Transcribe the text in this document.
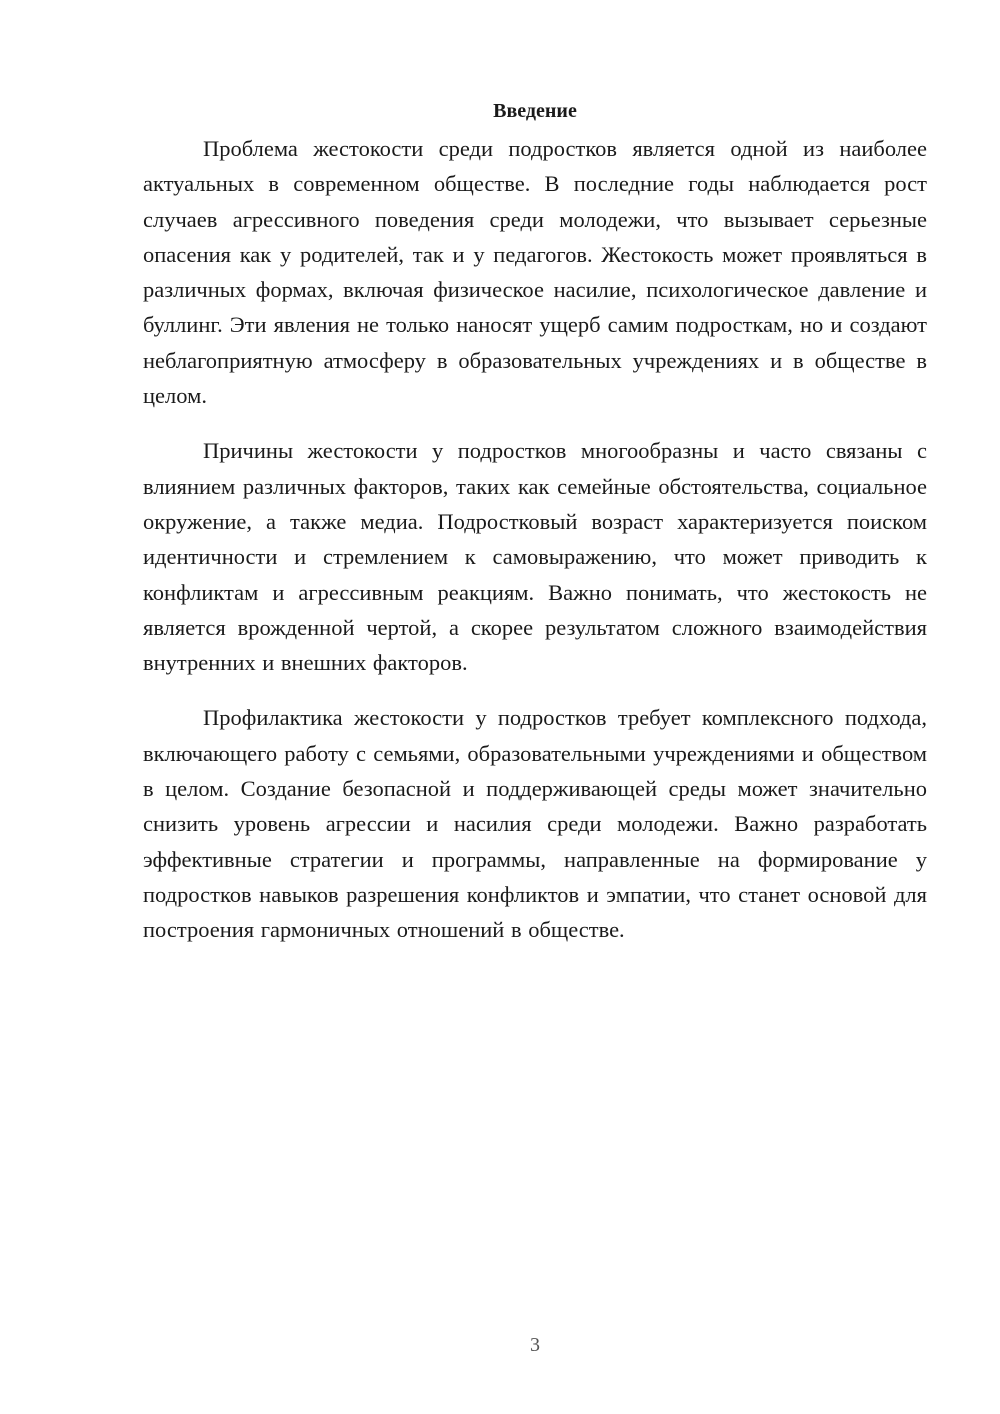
Введение

Проблема жестокости среди подростков является одной из наиболее актуальных в современном обществе. В последние годы наблюдается рост случаев агрессивного поведения среди молодежи, что вызывает серьезные опасения как у родителей, так и у педагогов. Жестокость может проявляться в различных формах, включая физическое насилие, психологическое давление и буллинг. Эти явления не только наносят ущерб самим подросткам, но и создают неблагоприятную атмосферу в образовательных учреждениях и в обществе в целом.

Причины жестокости у подростков многообразны и часто связаны с влиянием различных факторов, таких как семейные обстоятельства, социальное окружение, а также медиа. Подростковый возраст характеризуется поиском идентичности и стремлением к самовыражению, что может приводить к конфликтам и агрессивным реакциям. Важно понимать, что жестокость не является врожденной чертой, а скорее результатом сложного взаимодействия внутренних и внешних факторов.

Профилактика жестокости у подростков требует комплексного подхода, включающего работу с семьями, образовательными учреждениями и обществом в целом. Создание безопасной и поддерживающей среды может значительно снизить уровень агрессии и насилия среди молодежи. Важно разработать эффективные стратегии и программы, направленные на формирование у подростков навыков разрешения конфликтов и эмпатии, что станет основой для построения гармоничных отношений в обществе.

3
